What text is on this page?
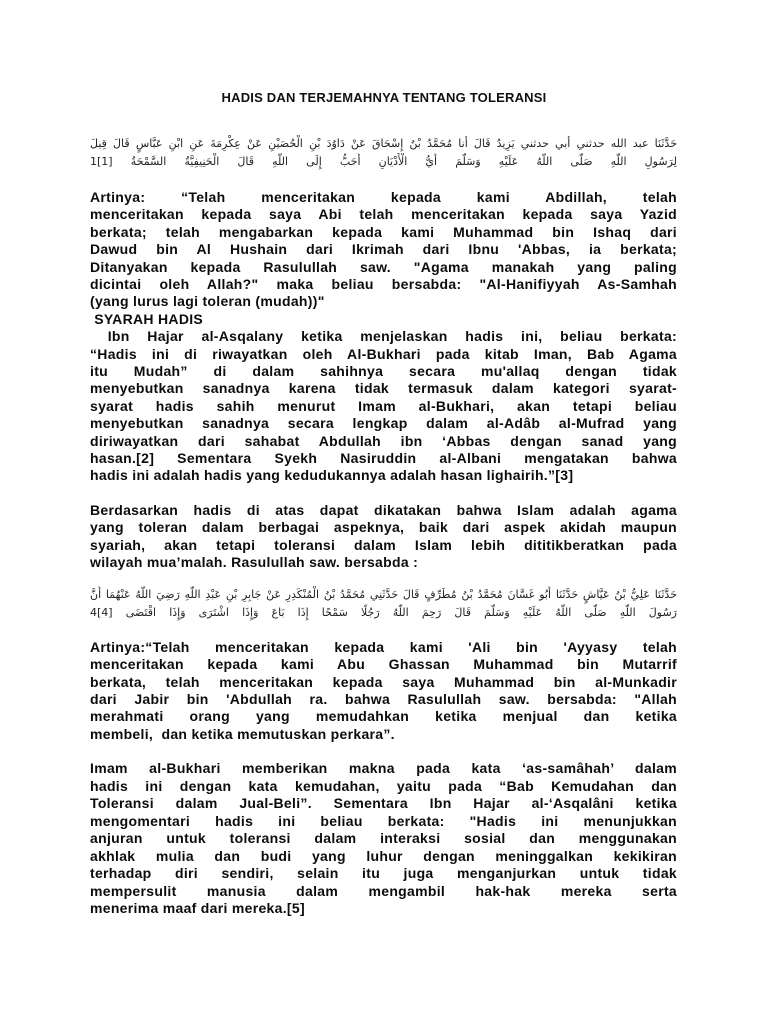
HADIS DAN TERJEMAHNYA TENTANG TOLERANSI
حَدَّثَنَا عبد الله حدثني أبي حدثني يَزِيدُ قَالَ أنا مُحَمَّدُ بْنُ إِسْحَاقَ عَنْ دَاوُدَ بْنِ الْحُصَيْنِ عَنْ عِكْرِمَةَ عَنِ ابْنِ عَبَّاسٍ قَالَ قِيلَ
لِرَسُولِ اللَّهِ صَلَّى اللَّهُ عَلَيْهِ وَسَلَّمَ أَيُّ الْأَدْيَانِ أَحَبُّ إِلَى اللَّهِ قَالَ الْحَنِيفِيَّةُ السَّمْحَةُ [1]1
Artinya: “Telah menceritakan kepada kami Abdillah, telah
menceritakan kepada saya Abi telah menceritakan kepada saya Yazid
berkata; telah mengabarkan kepada kami Muhammad bin Ishaq dari
Dawud bin Al Hushain dari Ikrimah dari Ibnu 'Abbas, ia berkata;
Ditanyakan kepada Rasulullah saw. "Agama manakah yang paling
dicintai oleh Allah?" maka beliau bersabda: "Al-Hanifiyyah As-Samhah
(yang lurus lagi toleran (mudah))"
SYARAH HADIS
Ibn Hajar al-Asqalany ketika menjelaskan hadis ini, beliau berkata:
“Hadis ini di riwayatkan oleh Al-Bukhari pada kitab Iman, Bab Agama
itu Mudah” di dalam sahihnya secara mu'allaq dengan tidak
menyebutkan sanadnya karena tidak termasuk dalam kategori syarat-
syarat hadis sahih menurut Imam al-Bukhari, akan tetapi beliau
menyebutkan sanadnya secara lengkap dalam al-Adâb al-Mufrad yang
diriwayatkan dari sahabat Abdullah ibn ‘Abbas dengan sanad yang
hasan.[2] Sementara Syekh Nasiruddin al-Albani mengatakan bahwa
hadis ini adalah hadis yang kedudukannya adalah hasan lighairih.”[3]
Berdasarkan hadis di atas dapat dikatakan bahwa Islam adalah agama
yang toleran dalam berbagai aspeknya, baik dari aspek akidah maupun
syariah, akan tetapi toleransi dalam Islam lebih dititikberatkan pada
wilayah mua’malah. Rasulullah saw. bersabda :
حَدَّثَنَا عَلِيُّ بْنُ عَيَّاشٍ حَدَّثَنَا أَبُو غَسَّانَ مُحَمَّدُ بْنُ مُطَرِّفٍ قَالَ حَدَّثَنِي مُحَمَّدُ بْنُ الْمُنْكَدِرِ عَنْ جَابِرِ بْنِ عَبْدِ اللَّهِ رَضِيَ اللَّهُ عَنْهُمَا أَنَّ
رَسُولَ اللَّهِ صَلَّى اللَّهُ عَلَيْهِ وَسَلَّمَ قَالَ رَحِمَ اللَّهُ رَجُلًا سَمْحًا إِذَا بَاعَ وَإِذَا اشْتَرَى وَإِذَا اقْتَضَى [4]4
Artinya:“Telah menceritakan kepada kami 'Ali bin 'Ayyasy telah
menceritakan kepada kami Abu Ghassan Muhammad bin Mutarrif
berkata, telah menceritakan kepada saya Muhammad bin al-Munkadir
dari Jabir bin 'Abdullah ra. bahwa Rasulullah saw. bersabda: "Allah
merahmati orang yang memudahkan ketika menjual dan ketika
membeli,  dan ketika memutuskan perkara”.
Imam al-Bukhari memberikan makna pada kata ‘as-samâhah’ dalam
hadis ini dengan kata kemudahan, yaitu pada “Bab Kemudahan dan
Toleransi dalam Jual-Beli”. Sementara Ibn Hajar al-‘Asqalâni ketika
mengomentari hadis ini beliau berkata: "Hadis ini menunjukkan
anjuran untuk toleransi dalam interaksi sosial dan menggunakan
akhlak mulia dan budi yang luhur dengan meninggalkan kekikiran
terhadap diri sendiri, selain itu juga menganjurkan untuk tidak
mempersulit manusia dalam mengambil hak-hak mereka serta
menerima maaf dari mereka.[5]
